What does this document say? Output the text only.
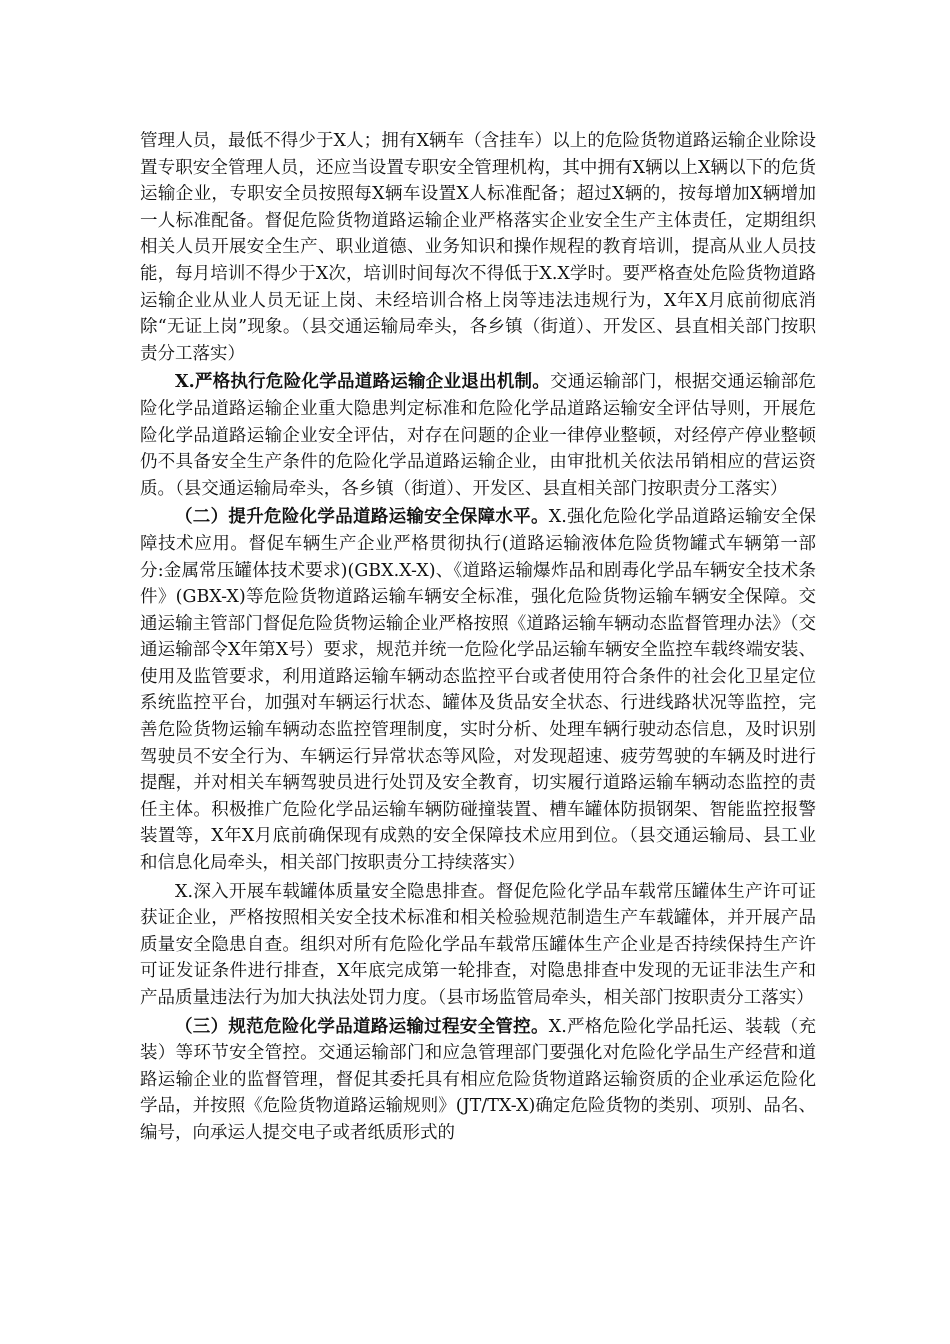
管理人员，最低不得少于X人；拥有X辆车（含挂车）以上的危险货物道路运输企业除设置专职安全管理人员，还应当设置专职安全管理机构，其中拥有X辆以上X辆以下的危货运输企业，专职安全员按照每X辆车设置X人标准配备；超过X辆的，按每增加X辆增加一人标准配备。督促危险货物道路运输企业严格落实企业安全生产主体责任，定期组织相关人员开展安全生产、职业道德、业务知识和操作规程的教育培训，提高从业人员技能，每月培训不得少于X次，培训时间每次不得低于X.X学时。要严格查处危险货物道路运输企业从业人员无证上岗、未经培训合格上岗等违法违规行为，X年X月底前彻底消除“无证上岗”现象。（县交通运输局牵头，各乡镇（街道）、开发区、县直相关部门按职责分工落实）

X.严格执行危险化学品道路运输企业退出机制。交通运输部门，根据交通运输部危险化学品道路运输企业重大隐患判定标准和危险化学品道路运输安全评估导则，开展危险化学品道路运输企业安全评估，对存在问题的企业一律停业整顿，对经停产停业整顿仍不具备安全生产条件的危险化学品道路运输企业，由审批机关依法吊销相应的营运资质。（县交通运输局牵头，各乡镇（街道）、开发区、县直相关部门按职责分工落实）

（二）提升危险化学品道路运输安全保障水平。X.强化危险化学品道路运输安全保障技术应用。督促车辆生产企业严格贯彻执行(道路运输液体危险货物罐式车辆第一部分:金属常压罐体技术要求)(GBX.X-X)、《道路运输爆炸品和剧毒化学品车辆安全技术条件》(GBX-X)等危险货物道路运输车辆安全标准，强化危险货物运输车辆安全保障。交通运输主管部门督促危险货物运输企业严格按照《道路运输车辆动态监督管理办法》（交通运输部令X年第X号）要求，规范并统一危险化学品运输车辆安全监控车载终端安装、使用及监管要求，利用道路运输车辆动态监控平台或者使用符合条件的社会化卫星定位系统监控平台，加强对车辆运行状态、罐体及货品安全状态、行进线路状况等监控，完善危险货物运输车辆动态监控管理制度，实时分析、处理车辆行驶动态信息，及时识别驾驶员不安全行为、车辆运行异常状态等风险，对发现超速、疲劳驾驶的车辆及时进行提醒，并对相关车辆驾驶员进行处罚及安全教育，切实履行道路运输车辆动态监控的责任主体。积极推广危险化学品运输车辆防碰撞装置、槽车罐体防损钢架、智能监控报警装置等，X年X月底前确保现有成熟的安全保障技术应用到位。（县交通运输局、县工业和信息化局牵头，相关部门按职责分工持续落实）

X.深入开展车载罐体质量安全隐患排查。督促危险化学品车载常压罐体生产许可证获证企业，严格按照相关安全技术标准和相关检验规范制造生产车载罐体，并开展产品质量安全隐患自查。组织对所有危险化学品车载常压罐体生产企业是否持续保持生产许可证发证条件进行排查，X年底完成第一轮排查，对隐患排查中发现的无证非法生产和产品质量违法行为加大执法处罚力度。（县市场监管局牵头，相关部门按职责分工落实）

（三）规范危险化学品道路运输过程安全管控。X.严格危险化学品托运、装载（充装）等环节安全管控。交通运输部门和应急管理部门要强化对危险化学品生产经营和道路运输企业的监督管理，督促其委托具有相应危险货物道路运输资质的企业承运危险化学品，并按照《危险货物道路运输规则》(JT/TX-X)确定危险货物的类别、项别、品名、编号，向承运人提交电子或者纸质形式的
